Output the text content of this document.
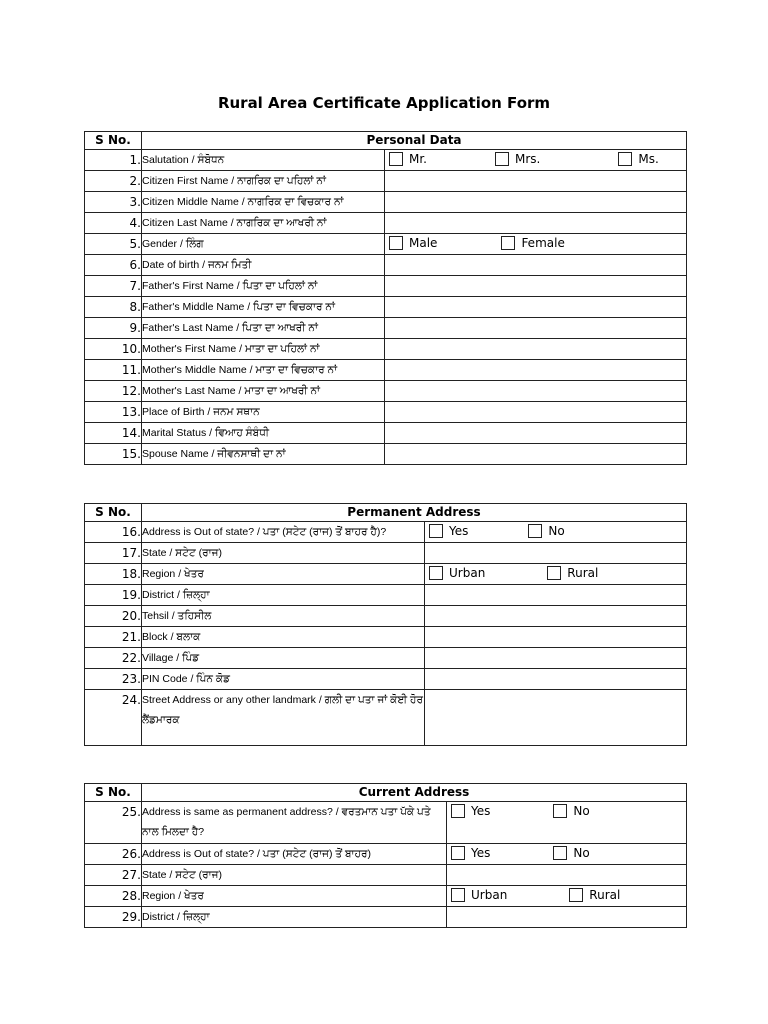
Rural Area Certificate Application Form
S No.	Personal Data	
1.	Salutation / ਸੰਬੋਧਨ	Mr. Mrs. Ms.

2.	Citizen First Name / ਨਾਗਰਿਕ ਦਾ ਪਹਿਲਾਂ ਨਾਂ	
3.	Citizen Middle Name / ਨਾਗਰਿਕ ਦਾ ਵਿਚਕਾਰ ਨਾਂ	
4.	Citizen Last Name / ਨਾਗਰਿਕ ਦਾ ਆਖਰੀ ਨਾਂ	
5.	Gender / ਲਿੰਗ	Male Female

6.	Date of birth / ਜਨਮ ਮਿਤੀ	
7.	Father's First Name / ਪਿਤਾ ਦਾ ਪਹਿਲਾਂ ਨਾਂ	
8.	Father's Middle Name / ਪਿਤਾ ਦਾ ਵਿਚਕਾਰ ਨਾਂ	
9.	Father's Last Name / ਪਿਤਾ ਦਾ ਆਖਰੀ ਨਾਂ	
10.	Mother's First Name / ਮਾਤਾ ਦਾ ਪਹਿਲਾਂ ਨਾਂ	
11.	Mother's Middle Name / ਮਾਤਾ ਦਾ ਵਿਚਕਾਰ ਨਾਂ	
12.	Mother's Last Name / ਮਾਤਾ ਦਾ ਆਖਰੀ ਨਾਂ	
13.	Place of Birth / ਜਨਮ ਸਥਾਨ	
14.	Marital Status / ਵਿਆਹ ਸੰਬੰਧੀ	
15.	Spouse Name / ਜੀਵਨਸਾਥੀ ਦਾ ਨਾਂ	
S No.	Permanent Address	
16.	Address is Out of state? / ਪਤਾ (ਸਟੇਟ (ਰਾਜ) ਤੋਂ ਬਾਹਰ ਹੈ)?	Yes No

17.	State / ਸਟੇਟ (ਰਾਜ)	
18.	Region / ਖੇਤਰ	Urban Rural

19.	District / ਜ਼ਿਲ੍ਹਾ	
20.	Tehsil / ਤਹਿਸੀਲ	
21.	Block / ਬਲਾਕ	
22.	Village / ਪਿੰਡ	
23.	PIN Code / ਪਿੰਨ ਕੋਡ	
24.	Street Address or any other landmark / ਗਲੀ ਦਾ ਪਤਾ ਜਾਂ ਕੋਈ ਹੋਰ ਲੈਂਡਮਾਰਕ	
S No.	Current Address	
25.	Address is same as permanent address? / ਵਰਤਮਾਨ ਪਤਾ ਪੱਕੇ ਪਤੇ ਨਾਲ ਮਿਲਦਾ ਹੈ?	Yes No

26.	Address is Out of state? / ਪਤਾ (ਸਟੇਟ (ਰਾਜ) ਤੋਂ ਬਾਹਰ)	Yes No

27.	State / ਸਟੇਟ (ਰਾਜ)	
28.	Region / ਖੇਤਰ	Urban Rural

29.	District / ਜ਼ਿਲ੍ਹਾ	
